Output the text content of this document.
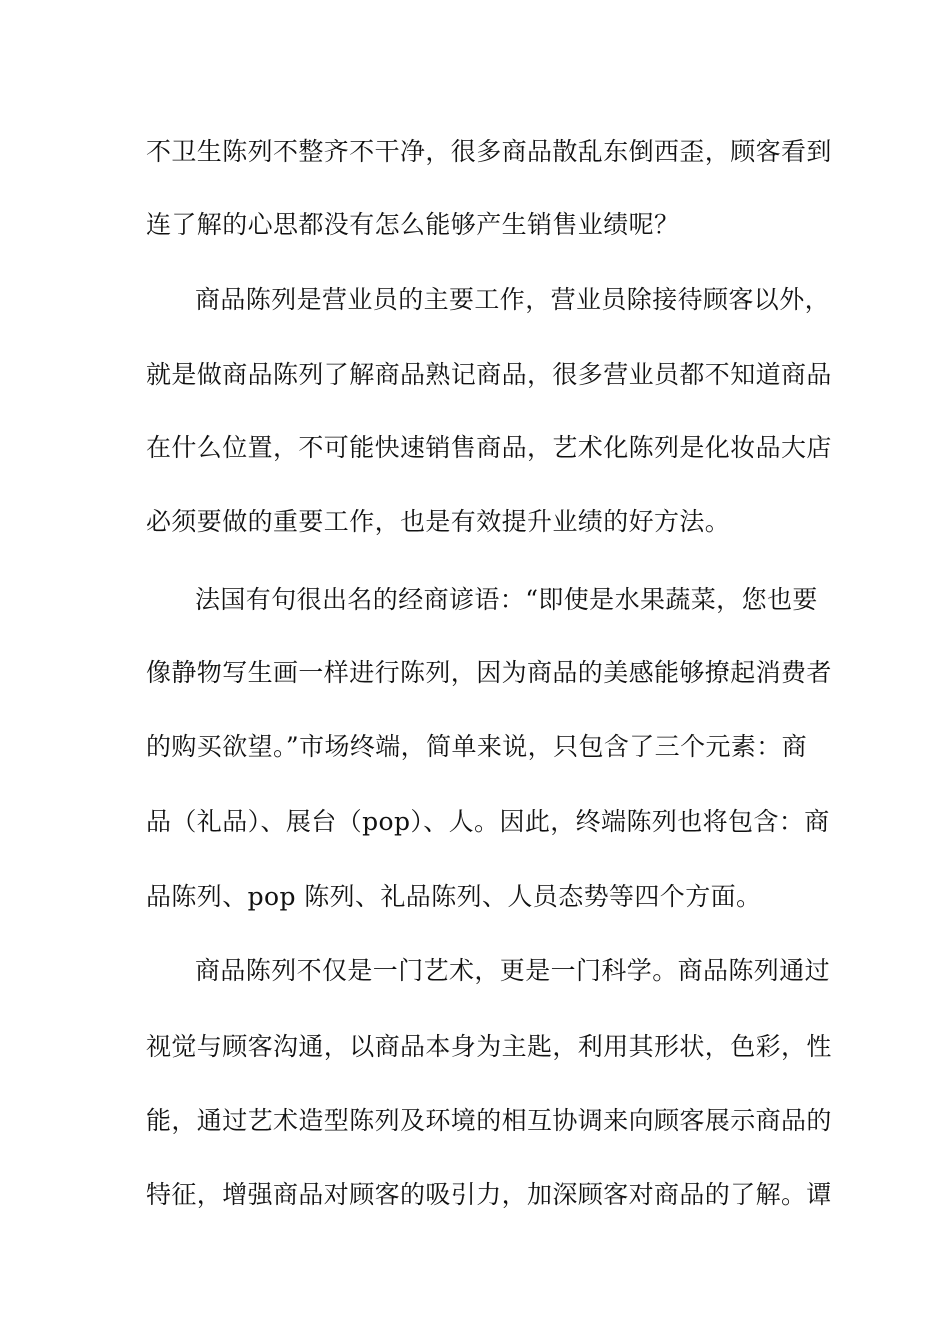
不卫生陈列不整齐不干净，很多商品散乱东倒西歪，顾客看到
连了解的心思都没有怎么能够产生销售业绩呢？
商品陈列是营业员的主要工作，营业员除接待顾客以外，
就是做商品陈列了解商品熟记商品，很多营业员都不知道商品
在什么位置，不可能快速销售商品，艺术化陈列是化妆品大店
必须要做的重要工作，也是有效提升业绩的好方法。
法国有句很出名的经商谚语：“即使是水果蔬菜，您也要
像静物写生画一样进行陈列，因为商品的美感能够撩起消费者
的购买欲望。”市场终端，简单来说，只包含了三个元素：商
品（礼品）、展台（pop）、人。因此，终端陈列也将包含：商
品陈列、pop 陈列、礼品陈列、人员态势等四个方面。
商品陈列不仅是一门艺术，更是一门科学。商品陈列通过
视觉与顾客沟通，以商品本身为主匙，利用其形状，色彩，性
能，通过艺术造型陈列及环境的相互协调来向顾客展示商品的
特征，增强商品对顾客的吸引力，加深顾客对商品的了解。谭
